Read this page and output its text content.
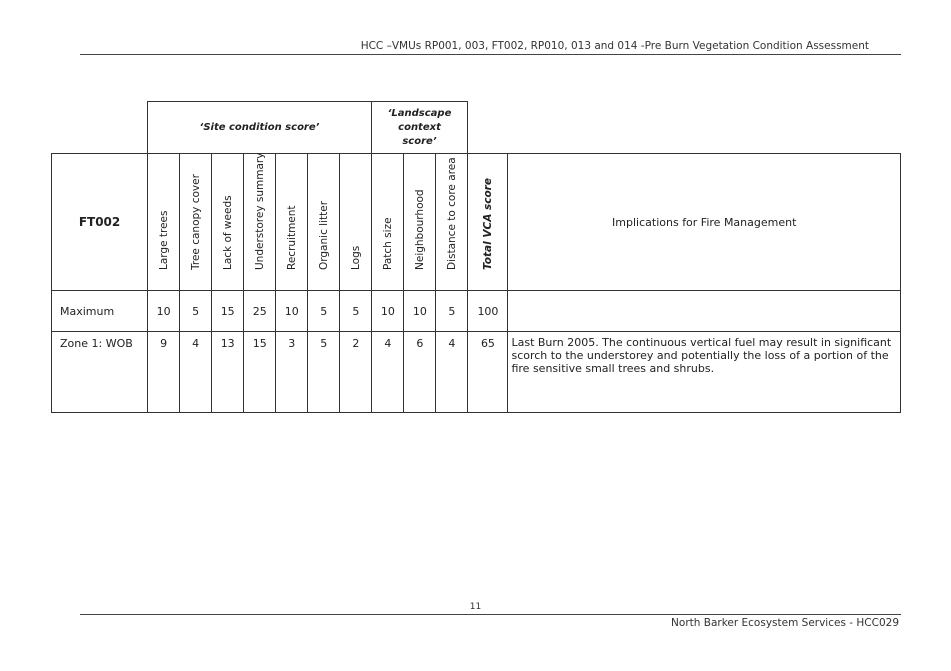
HCC –VMUs RP001, 003, FT002, RP010, 013 and 014 -Pre Burn Vegetation Condition Assessment
‘Site condition score’
‘Landscape context score’
FT002	Large trees	Tree canopy cover	Lack of weeds	Understorey summary	Recruitment	Organic litter	Logs	Patch size	Neighbourhood	Distance to core area	Total VCA score	Implications for Fire Management
Maximum	10	5	15	25	10	5	5	10	10	5	100	
Zone 1: WOB	9	4	13	15	3	5	2	4	6	4	65	Last Burn 2005. The continuous vertical fuel may result in significant scorch to the understorey and potentially the loss of a portion of the fire sensitive small trees and shrubs.
11
North Barker Ecosystem Services - HCC029
